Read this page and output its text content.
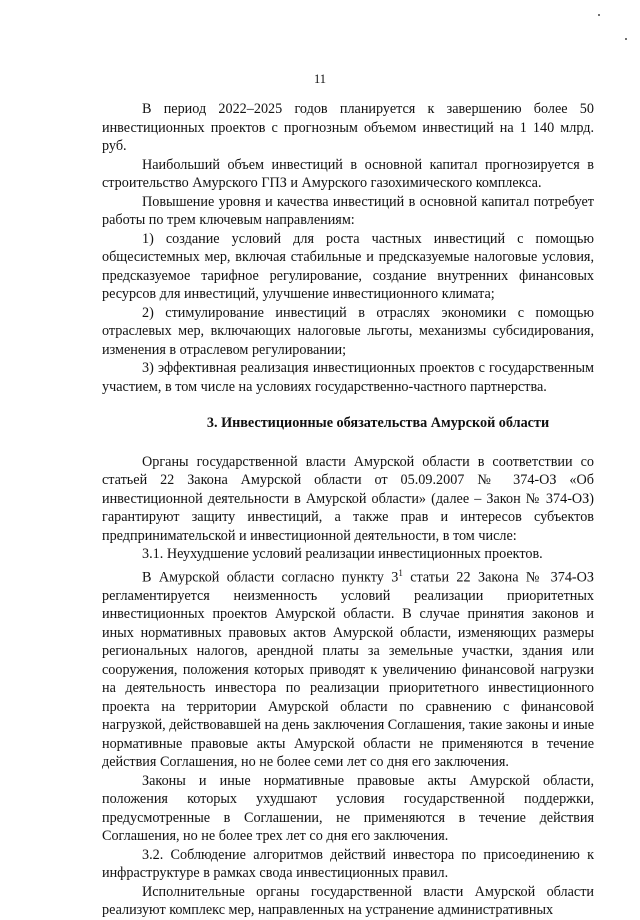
11

В период 2022–2025 годов планируется к завершению более 50 инвестиционных проектов с прогнозным объемом инвестиций на 1 140 млрд. руб.

Наибольший объем инвестиций в основной капитал прогнозируется в строительство Амурского ГПЗ и Амурского газохимического комплекса.

Повышение уровня и качества инвестиций в основной капитал потребует работы по трем ключевым направлениям:

1) создание условий для роста частных инвестиций с помощью общесистемных мер, включая стабильные и предсказуемые налоговые условия, предсказуемое тарифное регулирование, создание внутренних финансовых ресурсов для инвестиций, улучшение инвестиционного климата;

2) стимулирование инвестиций в отраслях экономики с помощью отраслевых мер, включающих налоговые льготы, механизмы субсидирования, изменения в отраслевом регулировании;

3) эффективная реализация инвестиционных проектов с государственным участием, в том числе на условиях государственно-частного партнерства.

3. Инвестиционные обязательства Амурской области

Органы государственной власти Амурской области в соответствии со статьей 22 Закона Амурской области от 05.09.2007 № 374-ОЗ «Об инвестиционной деятельности в Амурской области» (далее – Закон № 374-ОЗ) гарантируют защиту инвестиций, а также прав и интересов субъектов предпринимательской и инвестиционной деятельности, в том числе:

3.1. Неухудшение условий реализации инвестиционных проектов.

В Амурской области согласно пункту $3^1$ статьи 22 Закона № 374-ОЗ регламентируется неизменность условий реализации приоритетных инвестиционных проектов Амурской области. В случае принятия законов и иных нормативных правовых актов Амурской области, изменяющих размеры региональных налогов, арендной платы за земельные участки, здания или сооружения, положения которых приводят к увеличению финансовой нагрузки на деятельность инвестора по реализации приоритетного инвестиционного проекта на территории Амурской области по сравнению с финансовой нагрузкой, действовавшей на день заключения Соглашения, такие законы и иные нормативные правовые акты Амурской области не применяются в течение действия Соглашения, но не более семи лет со дня его заключения.

Законы и иные нормативные правовые акты Амурской области, положения которых ухудшают условия государственной поддержки, предусмотренные в Соглашении, не применяются в течение действия Соглашения, но не более трех лет со дня его заключения.

3.2. Соблюдение алгоритмов действий инвестора по присоединению к инфраструктуре в рамках свода инвестиционных правил.

Исполнительные органы государственной власти Амурской области реализуют комплекс мер, направленных на устранение административных
